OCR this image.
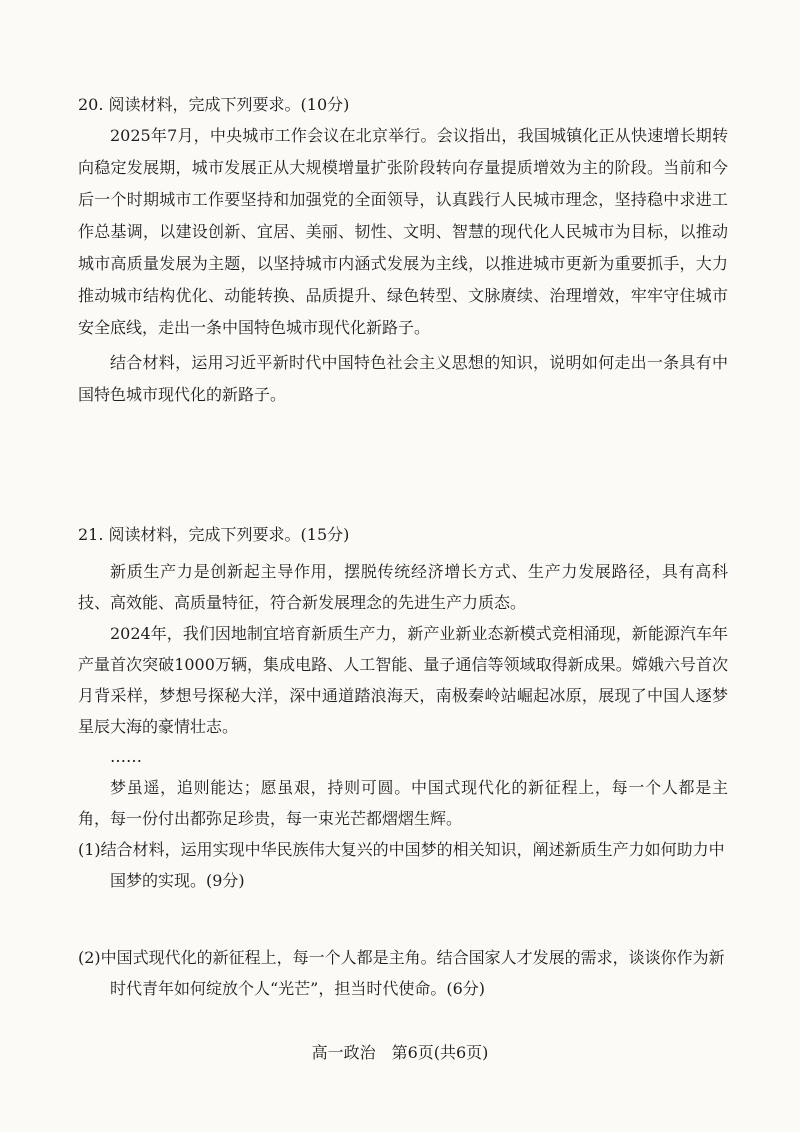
20. 阅读材料，完成下列要求。(10分)

2025年7月，中央城市工作会议在北京举行。会议指出，我国城镇化正从快速增长期转向稳定发展期，城市发展正从大规模增量扩张阶段转向存量提质增效为主的阶段。当前和今后一个时期城市工作要坚持和加强党的全面领导，认真践行人民城市理念，坚持稳中求进工作总基调，以建设创新、宜居、美丽、韧性、文明、智慧的现代化人民城市为目标，以推动城市高质量发展为主题，以坚持城市内涵式发展为主线，以推进城市更新为重要抓手，大力推动城市结构优化、动能转换、品质提升、绿色转型、文脉赓续、治理增效，牢牢守住城市安全底线，走出一条中国特色城市现代化新路子。

结合材料，运用习近平新时代中国特色社会主义思想的知识，说明如何走出一条具有中国特色城市现代化的新路子。

21. 阅读材料，完成下列要求。(15分)

新质生产力是创新起主导作用，摆脱传统经济增长方式、生产力发展路径，具有高科技、高效能、高质量特征，符合新发展理念的先进生产力质态。

2024年，我们因地制宜培育新质生产力，新产业新业态新模式竞相涌现，新能源汽车年产量首次突破1000万辆，集成电路、人工智能、量子通信等领域取得新成果。嫦娥六号首次月背采样，梦想号探秘大洋，深中通道踏浪海天，南极秦岭站崛起冰原，展现了中国人逐梦星辰大海的豪情壮志。

……

梦虽遥，追则能达；愿虽艰，持则可圆。中国式现代化的新征程上，每一个人都是主角，每一份付出都弥足珍贵，每一束光芒都熠熠生辉。

(1)结合材料，运用实现中华民族伟大复兴的中国梦的相关知识，阐述新质生产力如何助力中国梦的实现。(9分)

(2)中国式现代化的新征程上，每一个人都是主角。结合国家人才发展的需求，谈谈你作为新时代青年如何绽放个人“光芒”，担当时代使命。(6分)

高一政治　第6页(共6页)
